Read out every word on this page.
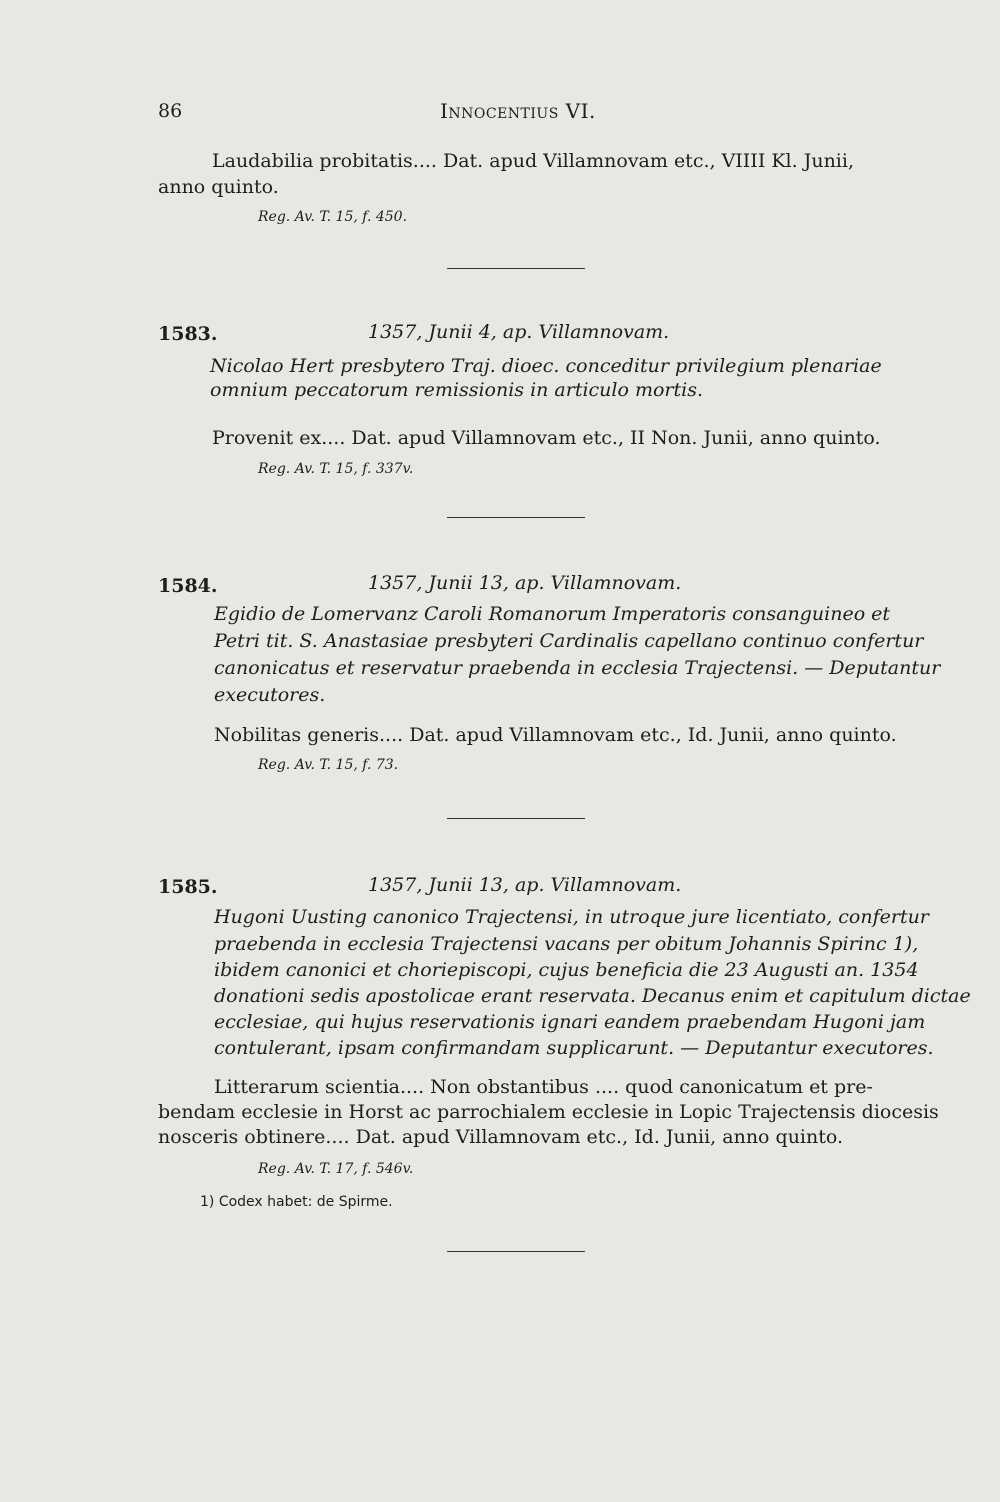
86	Innocentius VI.
Laudabilia probitatis.... Dat. apud Villamnovam etc., VIIII Kl. Junii,
anno quinto.
Reg. Av. T. 15, f. 450.
1583.	1357, Junii 4, ap. Villamnovam.
Nicolao Hert presbytero Traj. dioec. conceditur privilegium plenariae
omnium peccatorum remissionis in articulo mortis.
Provenit ex.... Dat. apud Villamnovam etc., II Non. Junii, anno quinto.
Reg. Av. T. 15, f. 337v.
1584.	1357, Junii 13, ap. Villamnovam.
Egidio de Lomervanz Caroli Romanorum Imperatoris consanguineo et
Petri tit. S. Anastasiae presbyteri Cardinalis capellano continuo confertur
canonicatus et reservatur praebenda in ecclesia Trajectensi. — Deputantur
executores.
Nobilitas generis.... Dat. apud Villamnovam etc., Id. Junii, anno quinto.
Reg. Av. T. 15, f. 73.
1585.	1357, Junii 13, ap. Villamnovam.
Hugoni Uusting canonico Trajectensi, in utroque jure licentiato, confertur
praebenda in ecclesia Trajectensi vacans per obitum Johannis Spirinc 1),
ibidem canonici et choriepiscopi, cujus beneficia die 23 Augusti an. 1354
donationi sedis apostolicae erant reservata. Decanus enim et capitulum dictae
ecclesiae, qui hujus reservationis ignari eandem praebendam Hugoni jam
contulerant, ipsam confirmandam supplicarunt. — Deputantur executores.
Litterarum scientia.... Non obstantibus .... quod canonicatum et pre-
bendam ecclesie in Horst ac parrochialem ecclesie in Lopic Trajectensis diocesis
nosceris obtinere.... Dat. apud Villamnovam etc., Id. Junii, anno quinto.
Reg. Av. T. 17, f. 546v.
1) Codex habet: de Spirme.
